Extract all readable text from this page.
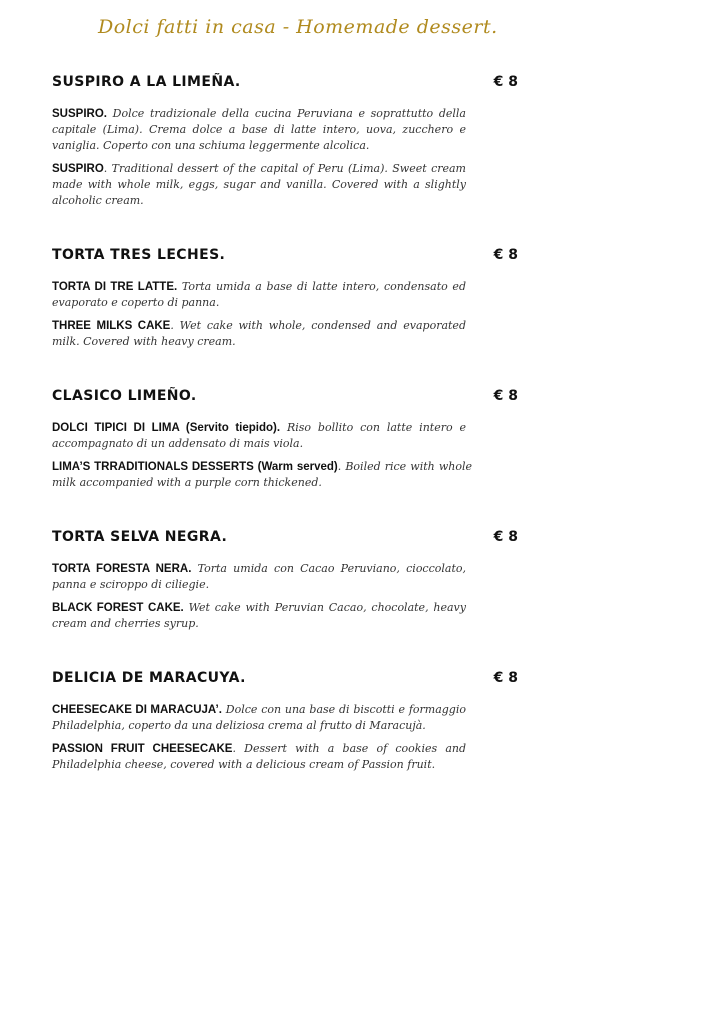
Dolci fatti in casa - Homemade dessert.
SUSPIRO A LA LIMEÑA.	€ 8

SUSPIRO. Dolce tradizionale della cucina Peruviana e soprattutto della capitale (Lima). Crema dolce a base di latte intero, uova, zucchero e vaniglia. Coperto con una schiuma leggermente alcolica.

SUSPIRO. Traditional dessert of the capital of Peru (Lima). Sweet cream made with whole milk, eggs, sugar and vanilla. Covered with a slightly alcoholic cream.

TORTA TRES LECHES.	€ 8

TORTA DI TRE LATTE. Torta umida a base di latte intero, condensato ed evaporato e coperto di panna.

THREE MILKS CAKE. Wet cake with whole, condensed and evaporated milk. Covered with heavy cream.

CLASICO LIMEÑO.	€ 8

DOLCI TIPICI DI LIMA (Servito tiepido). Riso bollito con latte intero e accompagnato di un addensato di mais viola.

LIMA’S TRRADITIONALS DESSERTS (Warm served). Boiled rice with whole milk accompanied with a purple corn thickened.

TORTA SELVA NEGRA.	€ 8

TORTA FORESTA NERA. Torta umida con Cacao Peruviano, cioccolato, panna e sciroppo di ciliegie.

BLACK FOREST CAKE. Wet cake with Peruvian Cacao, chocolate, heavy cream and cherries syrup.

DELICIA DE MARACUYA.	€ 8

CHEESECAKE DI MARACUJA’. Dolce con una base di biscotti e formaggio Philadelphia, coperto da una deliziosa crema al frutto di Maracujà.

PASSION FRUIT CHEESECAKE. Dessert with a base of cookies and Philadelphia cheese, covered with a delicious cream of Passion fruit.
